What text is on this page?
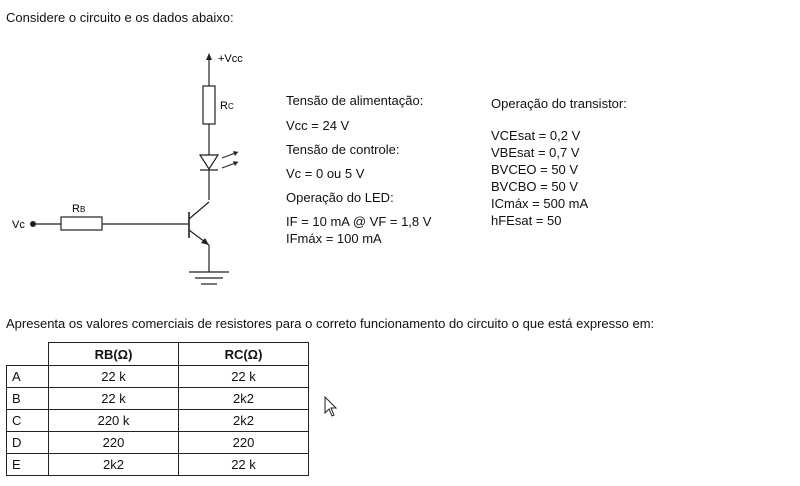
Considere o circuito e os dados abaixo:
+Vcc
RC
RB
Vc
Tensão de alimentação:
Vcc = 24 V
Tensão de controle:
Vc = 0 ou 5 V
Operação do LED:
IF = 10 mA @ VF = 1,8 V
IFmáx = 100 mA
Operação do transistor:
VCEsat = 0,2 V
VBEsat = 0,7 V
BVCEO = 50 V
BVCBO = 50 V
ICmáx = 500 mA
hFEsat = 50
Apresenta os valores comerciais de resistores para o correto funcionamento do circuito o que está expresso em:
	RB(Ω)	RC(Ω)
A	22 k	22 k
B	22 k	2k2
C	220 k	2k2
D	220	220
E	2k2	22 k
